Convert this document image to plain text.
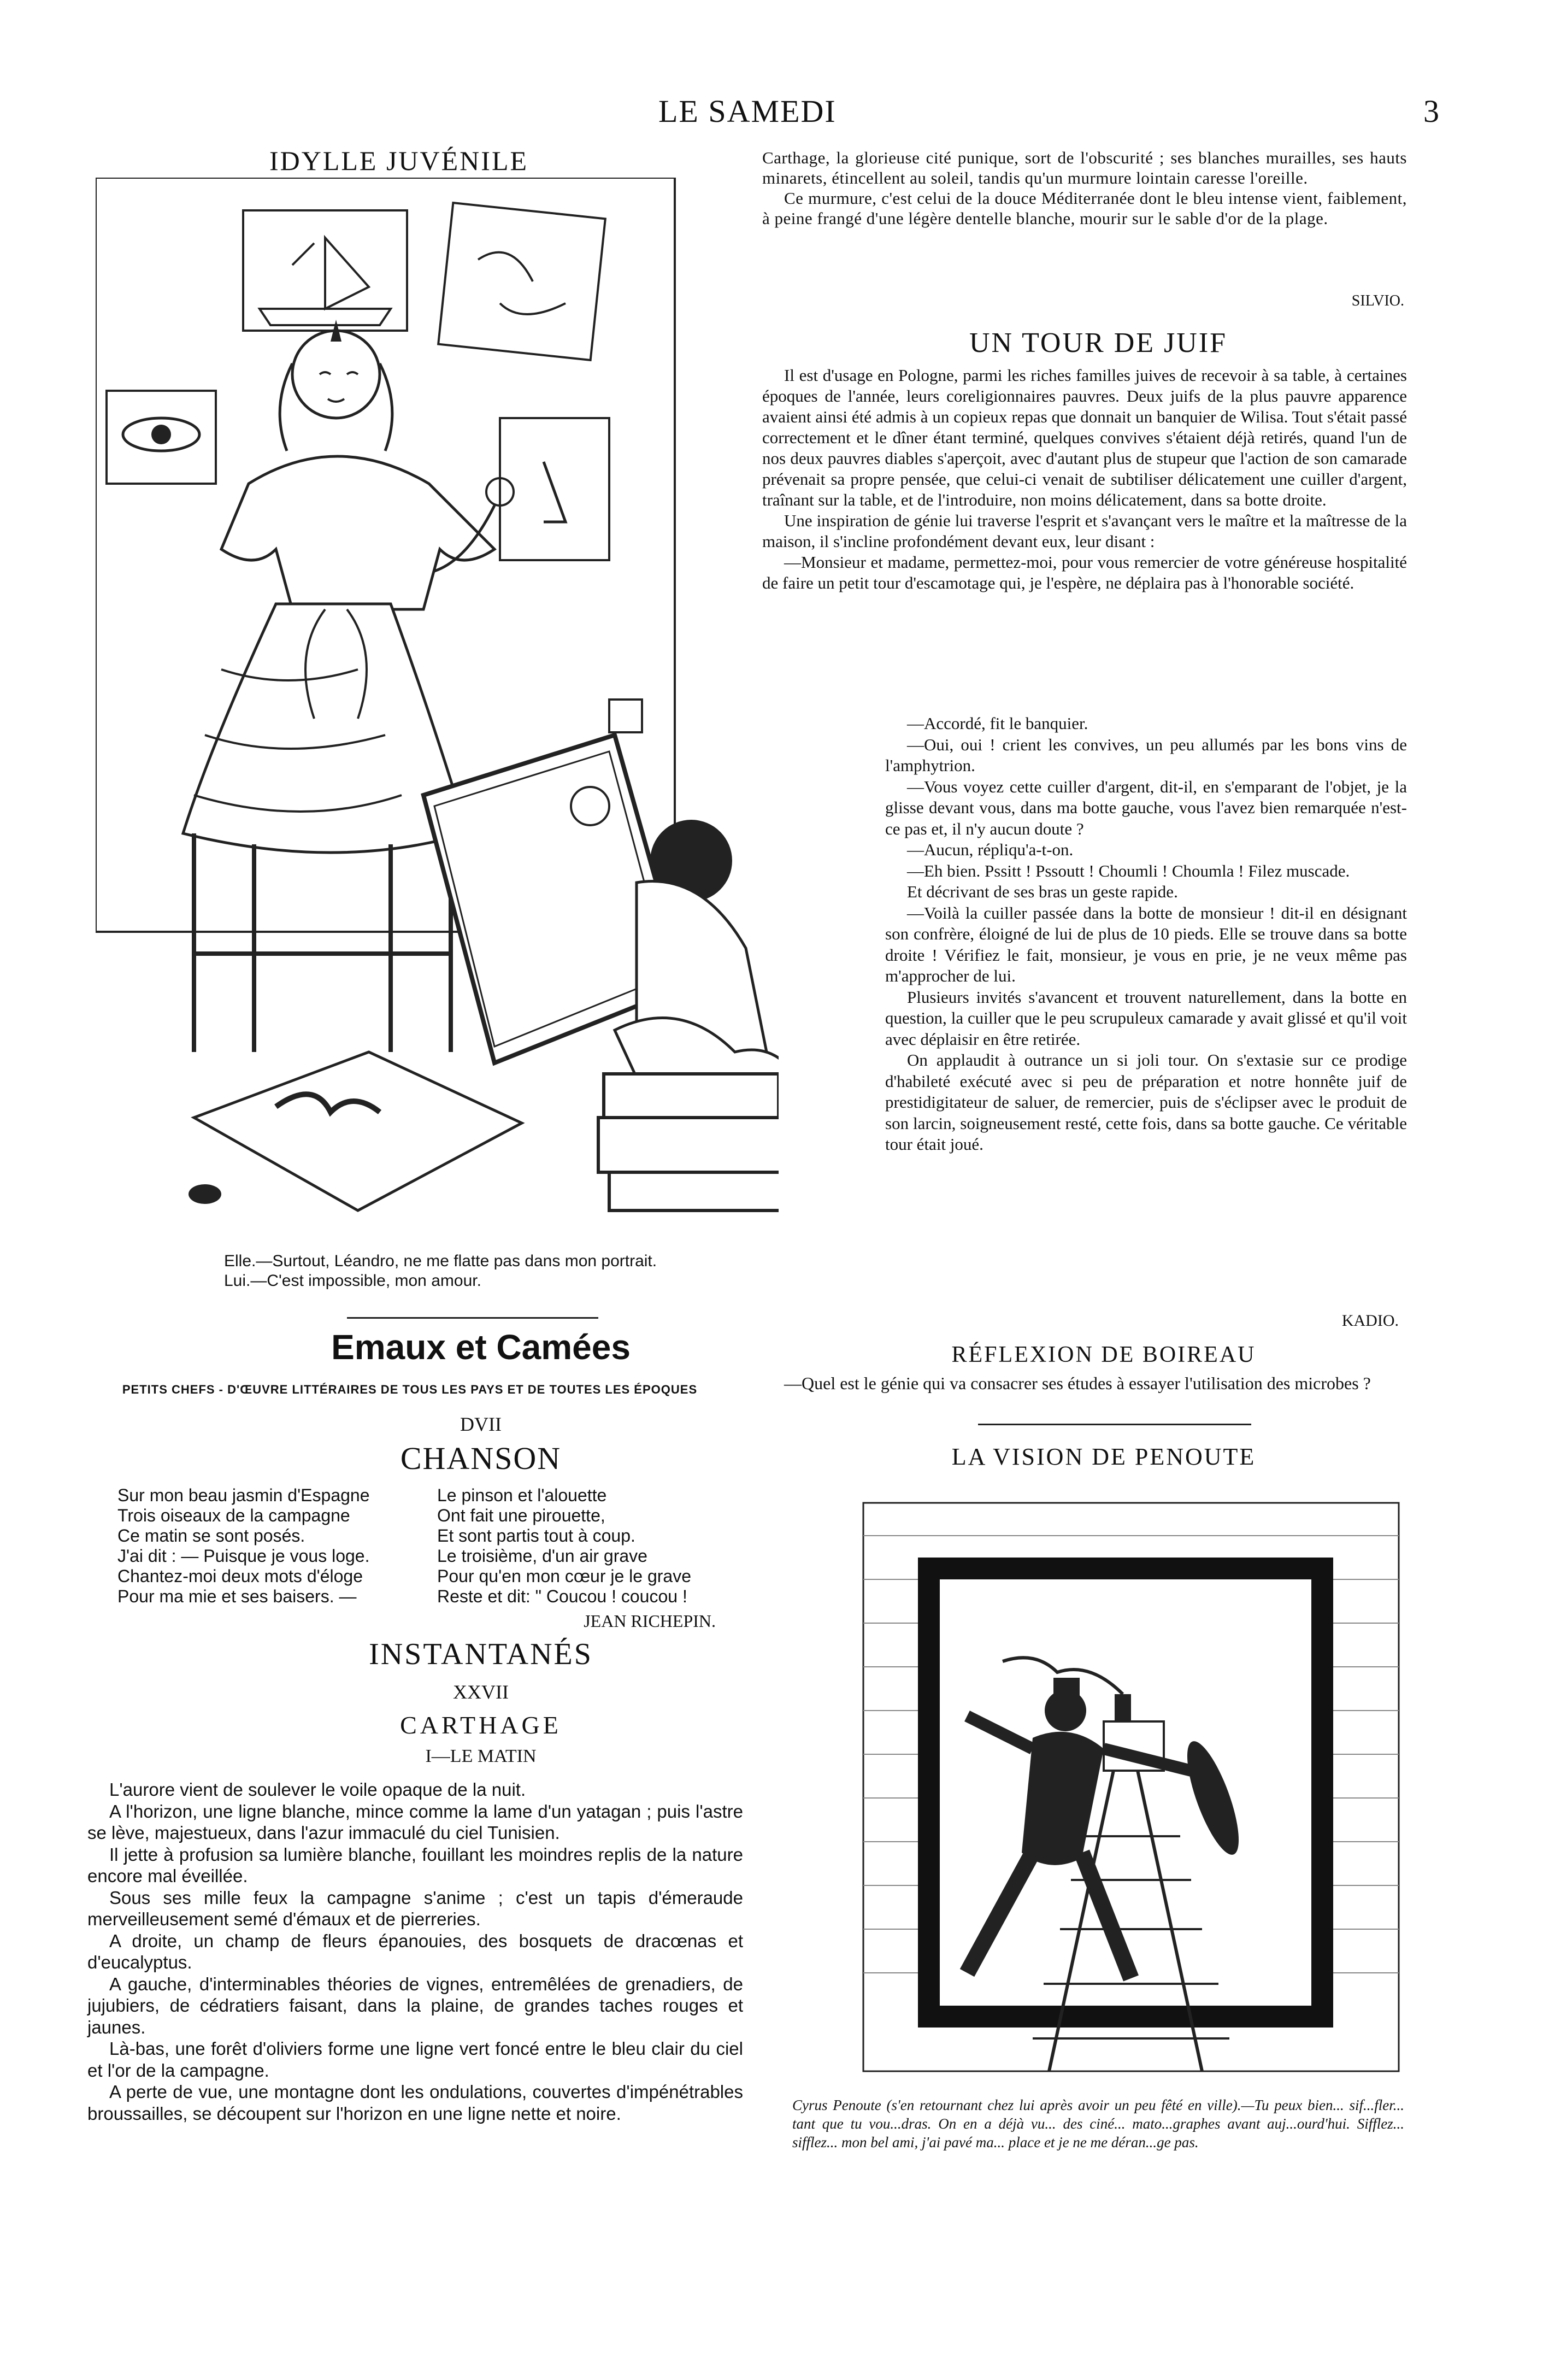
LE SAMEDI	3
IDYLLE JUVÉNILE
Elle.—Surtout, Léandro, ne me flatte pas dans mon portrait.
Lui.—C'est impossible, mon amour.
Emaux et Camées
PETITS CHEFS - D'ŒUVRE LITTÉRAIRES DE TOUS LES PAYS ET DE TOUTES LES ÉPOQUES
DVII
CHANSON
Sur mon beau jasmin d'Espagne
Trois oiseaux de la campagne
Ce matin se sont posés.
J'ai dit : — Puisque je vous loge.
Chantez-moi deux mots d'éloge
Pour ma mie et ses baisers. —
Le pinson et l'alouette
Ont fait une pirouette,
Et sont partis tout à coup.
Le troisième, d'un air grave
Pour qu'en mon cœur je le grave
Reste et dit: " Coucou ! coucou !
JEAN RICHEPIN.
INSTANTANÉS
XXVII
CARTHAGE
I—LE MATIN

L'aurore vient de soulever le voile opaque de la nuit.

A l'horizon, une ligne blanche, mince comme la lame d'un yatagan ; puis l'astre se lève, majestueux, dans l'azur immaculé du ciel Tunisien.

Il jette à profusion sa lumière blanche, fouillant les moindres replis de la nature encore mal éveillée.

Sous ses mille feux la campagne s'anime ; c'est un tapis d'émeraude merveilleusement semé d'émaux et de pierreries.

A droite, un champ de fleurs épanouies, des bosquets de dracœnas et d'eucalyptus.

A gauche, d'interminables théories de vignes, entremêlées de grenadiers, de jujubiers, de cédratiers faisant, dans la plaine, de grandes taches rouges et jaunes.

Là-bas, une forêt d'oliviers forme une ligne vert foncé entre le bleu clair du ciel et l'or de la campagne.

A perte de vue, une montagne dont les ondulations, couvertes d'impénétrables broussailles, se découpent sur l'horizon en une ligne nette et noire.

Carthage, la glorieuse cité punique, sort de l'obscurité ; ses blanches murailles, ses hauts minarets, étincellent au soleil, tandis qu'un murmure lointain caresse l'oreille.

Ce murmure, c'est celui de la douce Méditerranée dont le bleu intense vient, faiblement, à peine frangé d'une légère dentelle blanche, mourir sur le sable d'or de la plage.

SILVIO.
UN TOUR DE JUIF

Il est d'usage en Pologne, parmi les riches familles juives de recevoir à sa table, à certaines époques de l'année, leurs coreligionnaires pauvres. Deux juifs de la plus pauvre apparence avaient ainsi été admis à un copieux repas que donnait un banquier de Wilisa. Tout s'était passé correctement et le dîner étant terminé, quelques convives s'étaient déjà retirés, quand l'un de nos deux pauvres diables s'aperçoit, avec d'autant plus de stupeur que l'action de son camarade prévenait sa propre pensée, que celui-ci venait de subtiliser délicatement une cuiller d'argent, traînant sur la table, et de l'introduire, non moins délicatement, dans sa botte droite.

Une inspiration de génie lui traverse l'esprit et s'avançant vers le maître et la maîtresse de la maison, il s'incline profondément devant eux, leur disant :

—Monsieur et madame, permettez-moi, pour vous remercier de votre généreuse hospitalité de faire un petit tour d'escamotage qui, je l'espère, ne déplaira pas à l'honorable société.

—Accordé, fit le banquier.

—Oui, oui ! crient les convives, un peu allumés par les bons vins de l'amphytrion.

—Vous voyez cette cuiller d'argent, dit-il, en s'emparant de l'objet, je la glisse devant vous, dans ma botte gauche, vous l'avez bien remarquée n'est-ce pas et, il n'y aucun doute ?

—Aucun, répliqu'a-t-on.

—Eh bien. Pssitt ! Pssoutt ! Choumli ! Choumla ! Filez muscade.

Et décrivant de ses bras un geste rapide.

—Voilà la cuiller passée dans la botte de monsieur ! dit-il en désignant son confrère, éloigné de lui de plus de 10 pieds. Elle se trouve dans sa botte droite ! Vérifiez le fait, monsieur, je vous en prie, je ne veux même pas m'approcher de lui.

Plusieurs invités s'avancent et trouvent naturellement, dans la botte en question, la cuiller que le peu scrupuleux camarade y avait glissé et qu'il voit avec déplaisir en être retirée.

On applaudit à outrance un si joli tour. On s'extasie sur ce prodige d'habileté exécuté avec si peu de préparation et notre honnête juif de prestidigitateur de saluer, de remercier, puis de s'éclipser avec le produit de son larcin, soigneusement resté, cette fois, dans sa botte gauche. Ce véritable tour était joué.

KADIO.
RÉFLEXION DE BOIREAU

—Quel est le génie qui va consacrer ses études à essayer l'utilisation des microbes ?

LA VISION DE PENOUTE
Cyrus Penoute (s'en retournant chez lui après avoir un peu fêté en ville).—Tu peux bien... sif...fler... tant que tu vou...dras. On en a déjà vu... des ciné... mato...graphes avant auj...ourd'hui. Sifflez... sifflez... mon bel ami, j'ai pavé ma... place et je ne me déran...ge pas.
